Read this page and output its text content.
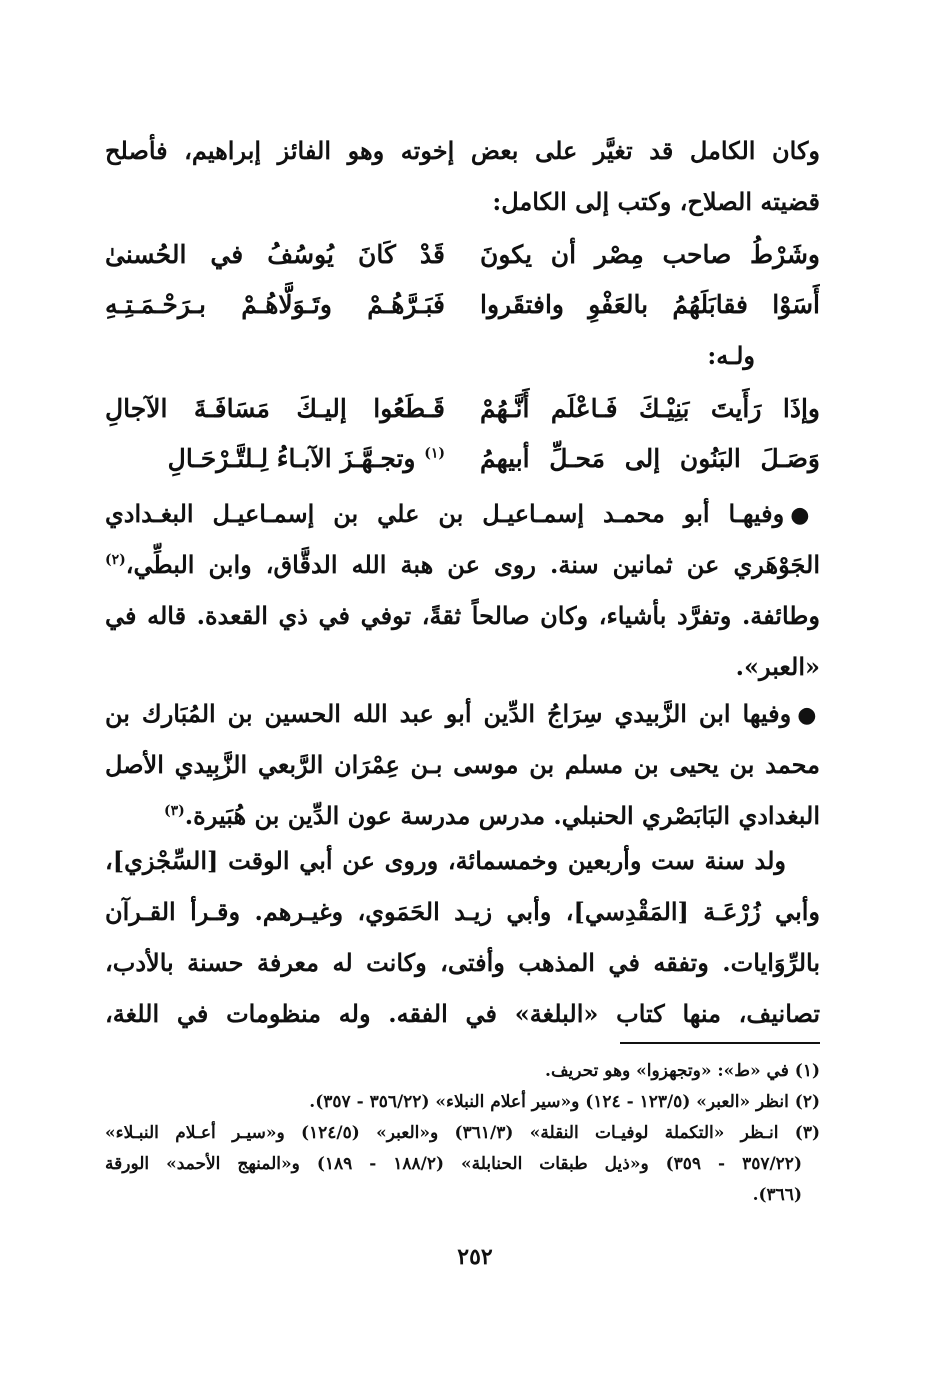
وكان الكامل قد تغيَّر على بعض إخوته وهو الفائز إبراهيم، فأصلح
قضيته الصلاح، وكتب إلى الكامل:
وشَرْطُ صاحب مِصْر أن يكونَ
قَدْ كَانَ يُوسُفُ في الحُسنىٰ
أَسَوْا فقابَلَهُمُ بالعَفْوِ وافتقَروا
فَبَـرَّهُـمْ وتَـوَلَّاهُـمْ بـرَحْـمَـتِـهِ
ولـه:
وإذَا رَأَيتَ بَنِيْـكَ فَـاعْلَم أَنَّـهُمْ
قَـطَعُوا إليـكَ مَسَافَـةَ الآجالِ
وَصَـلَ البَنُون إلى مَحـلِّ أبيهمُ
$^{(١)}$ وتجـهَّـزَ الآبـاءُ لِـلتَّـرْحَـالِ
●وفيهـا أبو محمـد إسمـاعيـل بن علي بن إسمـاعيـل البغـدادي
الجَوْهَري عن ثمانين سنة. روى عن هبة الله الدقَّاق، وابن البطِّي،$^{(٢)}$
وطائفة. وتفرَّد بأشياء، وكان صالحاً ثقةً، توفي في ذي القعدة. قاله في
«العبر».
●وفيها ابن الزَّبيدي سِرَاجُ الدِّين أبو عبد الله الحسين بن المُبَارك بن
محمد بن يحيى بن مسلم بن موسى بـن عِمْرَان الرَّبعي الزَّبِيدي الأصل
البغدادي البَابَصْري الحنبلي. مدرس مدرسة عون الدِّين بن هُبَيرة.$^{(٣)}$
ولد سنة ست وأربعين وخمسمائة، وروى عن أبي الوقت [السِّجْزي]،
وأبي زُرْعَـة [المَقْدِسي]، وأبي زيـد الحَمَوي، وغيـرهم. وقـرأ القـرآن
بالرِّوَايات. وتفقه في المذهب وأفتى، وكانت له معرفة حسنة بالأدب،
تصانيف، منها كتاب «البلغة» في الفقه. وله منظومات في اللغة،
(١) في «ط»: «وتجهزوا» وهو تحريف.
(٢) انظر «العبر» (١٢٣/٥ - ١٢٤) و«سير أعلام النبلاء» (٣٥٦/٢٢ - ٣٥٧).
(٣) انـظر «التكملة لوفيـات النقلة» (٣٦١/٣) و«العبر» (١٢٤/٥) و«سيـر أعـلام النبـلاء»
(٣٥٧/٢٢ - ٣٥٩) و«ذيل طبقات الحنابلة» (١٨٨/٢ - ١٨٩) و«المنهج الأحمد» الورقة
(٣٦٦).
٢٥٢
